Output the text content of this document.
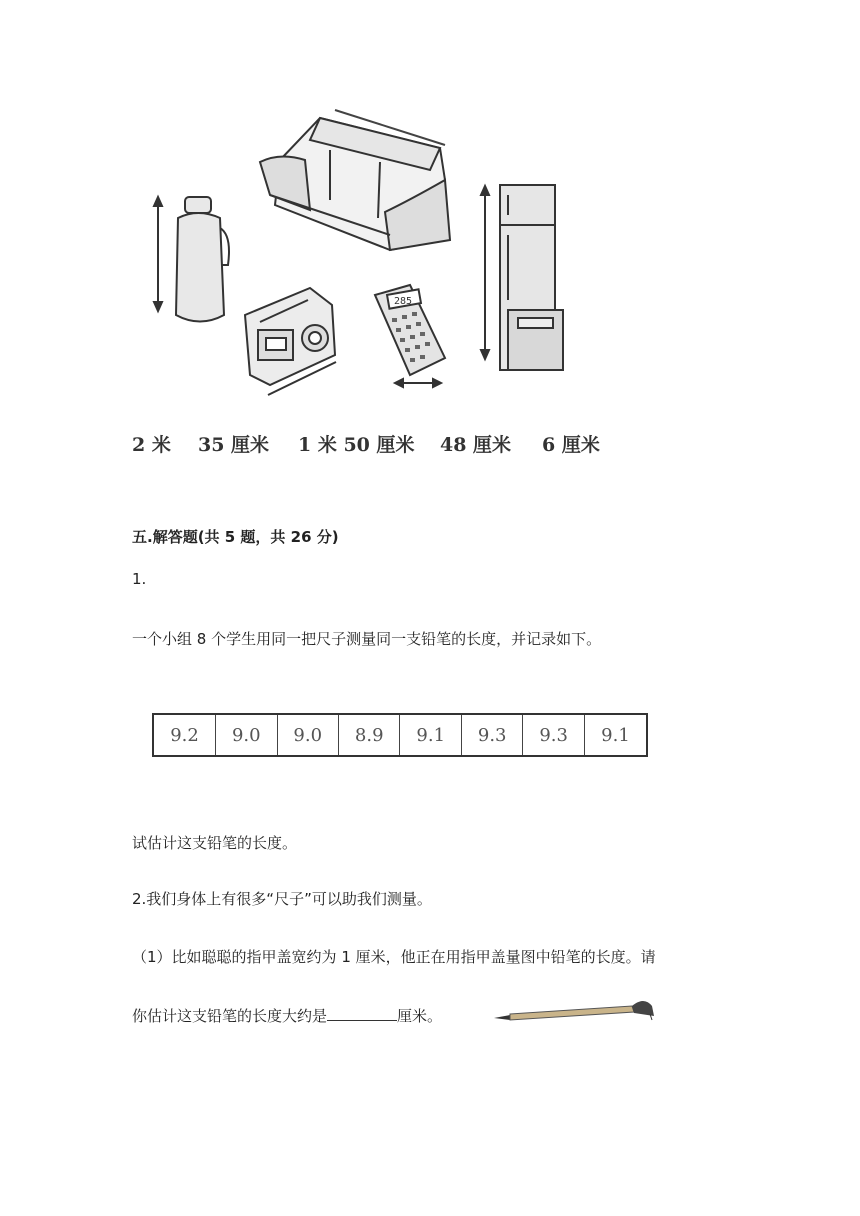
285
2 米 35 厘米 1 米 50 厘米 48 厘米 6 厘米
五.解答题(共 5 题，共 26 分)
1.
一个小组 8 个学生用同一把尺子测量同一支铅笔的长度，并记录如下。
9.2	9.0	9.0	8.9	9.1	9.3	9.3	9.1
试估计这支铅笔的长度。
2.我们身体上有很多“尺子”可以助我们测量。
（1）比如聪聪的指甲盖宽约为 1 厘米，他正在用指甲盖量图中铅笔的长度。请
你估计这支铅笔的长度大约是	厘米。
